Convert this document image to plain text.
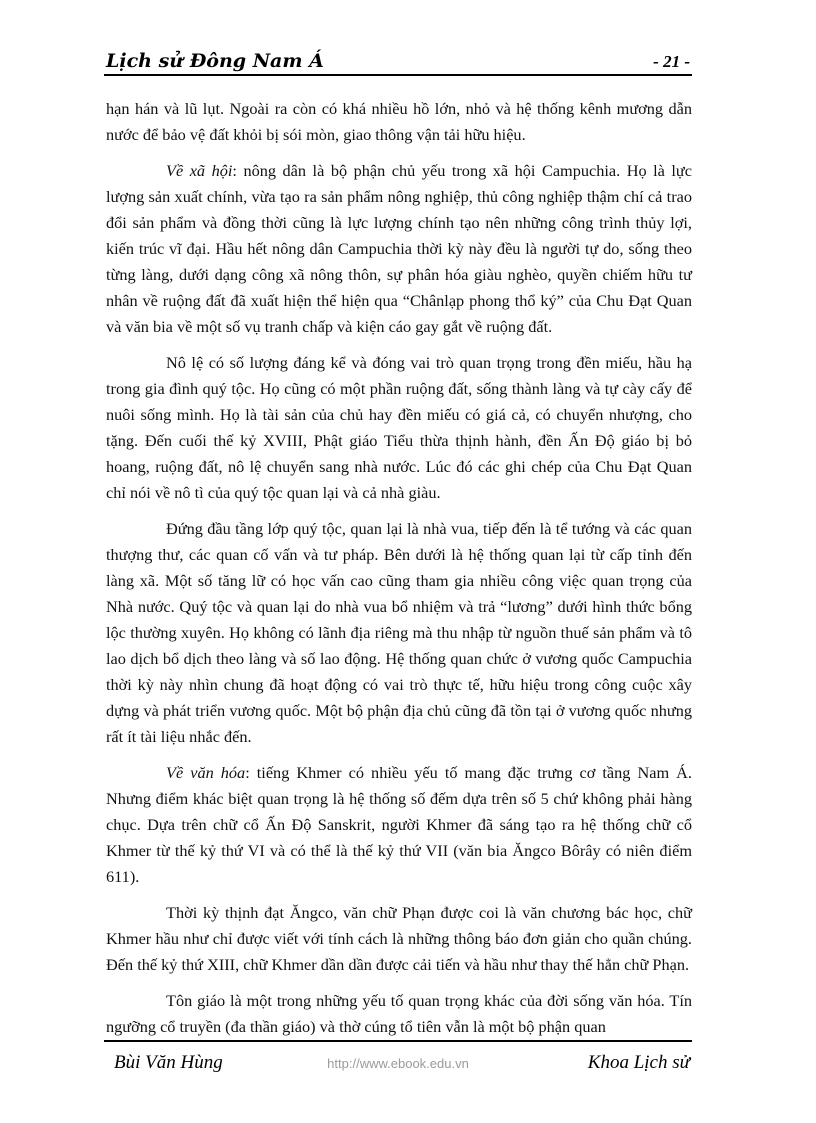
Lịch sử Đông Nam Á	- 21 -

hạn hán và lũ lụt. Ngoài ra còn có khá nhiều hồ lớn, nhỏ và hệ thống kênh mương dẫn nước để bảo vệ đất khỏi bị sói mòn, giao thông vận tải hữu hiệu.

Về xã hội: nông dân là bộ phận chủ yếu trong xã hội Campuchia. Họ là lực lượng sản xuất chính, vừa tạo ra sản phẩm nông nghiệp, thủ công nghiệp thậm chí cả trao đổi sản phẩm và đồng thời cũng là lực lượng chính tạo nên những công trình thủy lợi, kiến trúc vĩ đại. Hầu hết nông dân Campuchia thời kỳ này đều là người tự do, sống theo từng làng, dưới dạng công xã nông thôn, sự phân hóa giàu nghèo, quyền chiếm hữu tư nhân về ruộng đất đã xuất hiện thể hiện qua “Chânlạp phong thổ ký” của Chu Đạt Quan và văn bia về một số vụ tranh chấp và kiện cáo gay gắt về ruộng đất.

Nô lệ có số lượng đáng kể và đóng vai trò quan trọng trong đền miếu, hầu hạ trong gia đình quý tộc. Họ cũng có một phần ruộng đất, sống thành làng và tự cày cấy để nuôi sống mình. Họ là tài sản của chủ hay đền miếu có giá cả, có chuyển nhượng, cho tặng. Đến cuối thế kỷ XVIII, Phật giáo Tiểu thừa thịnh hành, đền Ấn Độ giáo bị bỏ hoang, ruộng đất, nô lệ chuyển sang nhà nước. Lúc đó các ghi chép của Chu Đạt Quan chỉ nói về nô tì của quý tộc quan lại và cả nhà giàu.

Đứng đầu tầng lớp quý tộc, quan lại là nhà vua, tiếp đến là tể tướng và các quan thượng thư, các quan cố vấn và tư pháp. Bên dưới là hệ thống quan lại từ cấp tỉnh đến làng xã. Một số tăng lữ có học vấn cao cũng tham gia nhiều công việc quan trọng của Nhà nước. Quý tộc và quan lại do nhà vua bổ nhiệm và trả “lương” dưới hình thức bổng lộc thường xuyên. Họ không có lãnh địa riêng mà thu nhập từ nguồn thuế sản phẩm và tô lao dịch bổ dịch theo làng và số lao động. Hệ thống quan chức ở vương quốc Campuchia thời kỳ này nhìn chung đã hoạt động có vai trò thực tế, hữu hiệu trong công cuộc xây dựng và phát triển vương quốc. Một bộ phận địa chủ cũng đã tồn tại ở vương quốc nhưng rất ít tài liệu nhắc đến.

Về văn hóa: tiếng Khmer có nhiều yếu tố mang đặc trưng cơ tầng Nam Á. Nhưng điểm khác biệt quan trọng là hệ thống số đếm dựa trên số 5 chứ không phải hàng chục. Dựa trên chữ cổ Ấn Độ Sanskrit, người Khmer đã sáng tạo ra hệ thống chữ cổ Khmer từ thế kỷ thứ VI và có thể là thế kỷ thứ VII (văn bia Ăngco Bôrây có niên điểm 611).

Thời kỳ thịnh đạt Ăngco, văn chữ Phạn được coi là văn chương bác học, chữ Khmer hầu như chỉ được viết với tính cách là những thông báo đơn giản cho quần chúng. Đến thế kỷ thứ XIII, chữ Khmer dần dần được cải tiến và hầu như thay thế hẳn chữ Phạn.

Tôn giáo là một trong những yếu tố quan trọng khác của đời sống văn hóa. Tín ngưỡng cổ truyền (đa thần giáo) và thờ cúng tổ tiên vẫn là một bộ phận quan

Bùi Văn Hùng	http://www.ebook.edu.vn	Khoa Lịch sử
